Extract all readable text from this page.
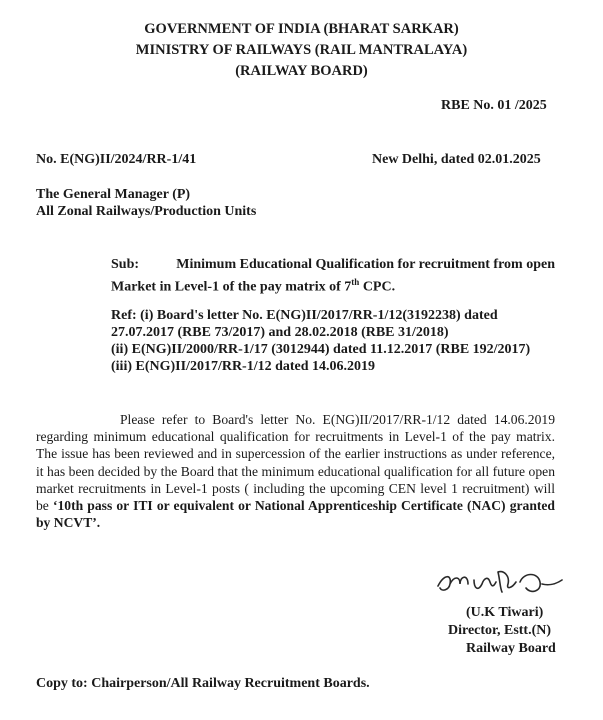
GOVERNMENT OF INDIA (BHARAT SARKAR)

MINISTRY OF RAILWAYS (RAIL MANTRALAYA)

(RAILWAY BOARD)

RBE No. 01 /2025

No. E(NG)II/2024/RR-1/41	New Delhi, dated 02.01.2025

The General Manager (P)

All Zonal Railways/Production Units

Sub:	Minimum Educational Qualification for recruitment from open
Market in Level-1 of the pay matrix of 7th CPC.
Ref: (i) Board's letter No. E(NG)II/2017/RR-1/12(3192238) dated
27.07.2017 (RBE 73/2017) and 28.02.2018 (RBE 31/2018)
(ii) E(NG)II/2000/RR-1/17 (3012944) dated 11.12.2017 (RBE 192/2017)
(iii) E(NG)II/2017/RR-1/12 dated 14.06.2019

Please refer to Board's letter No. E(NG)II/2017/RR-1/12 dated 14.06.2019 regarding minimum educational qualification for recruitments in Level-1 of the pay matrix. The issue has been reviewed and in supercession of the earlier instructions as under reference, it has been decided by the Board that the minimum educational qualification for all future open market recruitments in Level-1 posts ( including the upcoming CEN level 1 recruitment) will be ‘10th pass or ITI or equivalent or National Apprenticeship Certificate (NAC) granted by NCVT’.

(U.K Tiwari)

Director, Estt.(N)

Railway Board

Copy to: Chairperson/All Railway Recruitment Boards.
